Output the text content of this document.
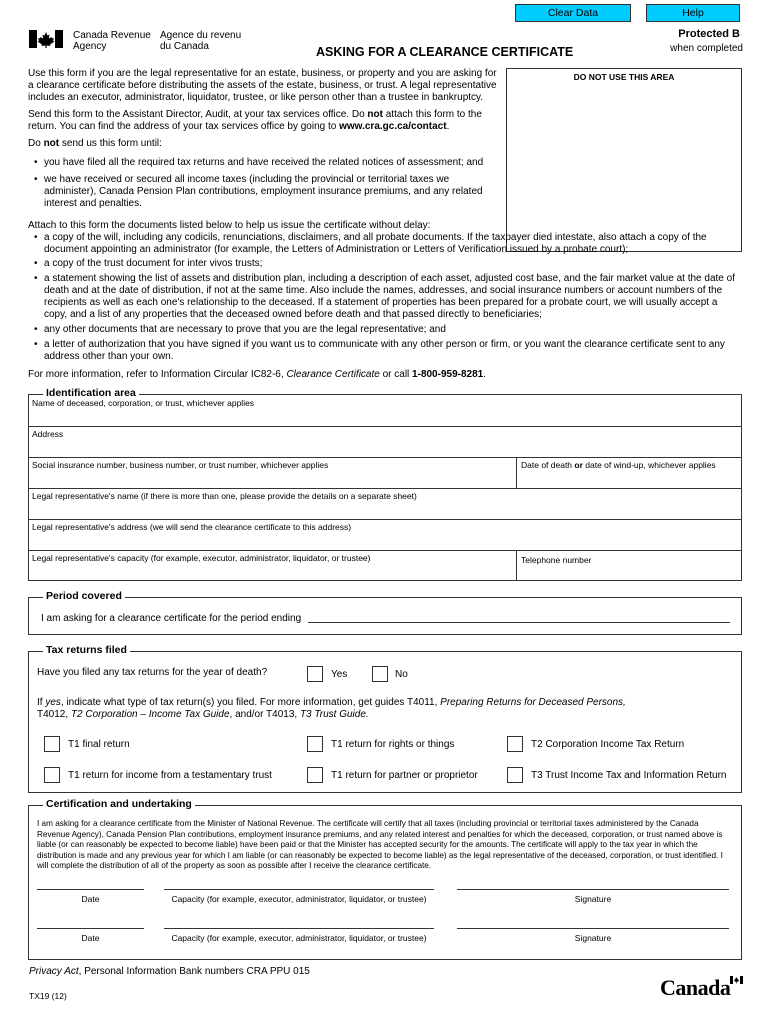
Clear Data	Help
Canada Revenue
Agency
Agence du revenu
du Canada
Protected B
when completed
ASKING FOR A CLEARANCE CERTIFICATE
DO NOT USE THIS AREA
Use this form if you are the legal representative for an estate, business, or property and you are asking for a clearance certificate before distributing the assets of the estate, business, or trust. A legal representative includes an executor, administrator, liquidator, trustee, or like person other than a trustee in bankruptcy.
Send this form to the Assistant Director, Audit, at your tax services office. Do not attach this form to the return. You can find the address of your tax services office by going to www.cra.gc.ca/contact.
Do not send us this form until:
• you have filed all the required tax returns and have received the related notices of assessment; and
• we have received or secured all income taxes (including the provincial or territorial taxes we administer), Canada Pension Plan contributions, employment insurance premiums, and any related interest and penalties.
Attach to this form the documents listed below to help us issue the certificate without delay:
• a copy of the will, including any codicils, renunciations, disclaimers, and all probate documents. If the taxpayer died intestate, also attach a copy of the document appointing an administrator (for example, the Letters of Administration or Letters of Verification issued by a probate court);
• a copy of the trust document for inter vivos trusts;
• a statement showing the list of assets and distribution plan, including a description of each asset, adjusted cost base, and the fair market value at the date of death and at the date of distribution, if not at the same time. Also include the names, addresses, and social insurance numbers or account numbers of the recipients as well as each one's relationship to the deceased. If a statement of properties has been prepared for a probate court, we will usually accept a copy, and a list of any properties that the deceased owned before death and that passed directly to beneficiaries;
• any other documents that are necessary to prove that you are the legal representative; and
• a letter of authorization that you have signed if you want us to communicate with any other person or firm, or you want the clearance certificate sent to any address other than your own.
For more information, refer to Information Circular IC82-6, Clearance Certificate or call 1-800-959-8281.
Identification area
Name of deceased, corporation, or trust, whichever applies
Address
Social insurance number, business number, or trust number, whichever applies	Date of death or date of wind-up, whichever applies
Legal representative's name (if there is more than one, please provide the details on a separate sheet)
Legal representative's address (we will send the clearance certificate to this address)
Legal representative's capacity (for example, executor, administrator, liquidator, or trustee)	Telephone number
Period covered
I am asking for a clearance certificate for the period ending
Tax returns filed
Have you filed any tax returns for the year of death?	Yes	No
If yes, indicate what type of tax return(s) you filed. For more information, get guides T4011, Preparing Returns for Deceased Persons,
T4012, T2 Corporation – Income Tax Guide, and/or T4013, T3 Trust Guide.
T1 final return	T1 return for rights or things	T2 Corporation Income Tax Return
T1 return for income from a testamentary trust	T1 return for partner or proprietor	T3 Trust Income Tax and Information Return
Certification and undertaking
I am asking for a clearance certificate from the Minister of National Revenue. The certificate will certify that all taxes (including provincial or territorial taxes administered by the Canada Revenue Agency), Canada Pension Plan contributions, employment insurance premiums, and any related interest and penalties for which the deceased, corporation, or trust named above is liable (or can reasonably be expected to become liable) have been paid or that the Minister has accepted security for the amounts. The certificate will apply to the tax year in which the distribution is made and any previous year for which I am liable (or can reasonably be expected to become liable) as the legal representative of the deceased, corporation, or trust identified. I will complete the distribution of all of the property as soon as possible after I receive the clearance certificate.
Date	Capacity (for example, executor, administrator, liquidator, or trustee)	Signature
Date	Capacity (for example, executor, administrator, liquidator, or trustee)	Signature
Privacy Act, Personal Information Bank numbers CRA PPU 015
TX19 (12)	Canada
